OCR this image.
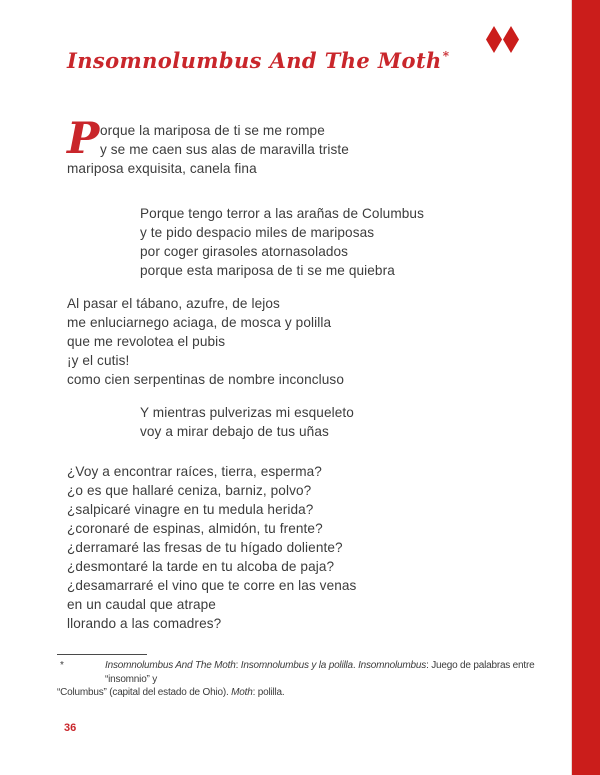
Insomnolumbus And The Moth*
P orque la mariposa de ti se me rompe
y se me caen sus alas de maravilla triste
mariposa exquisita, canela fina
Porque tengo terror a las arañas de Columbus
y te pido despacio miles de mariposas
por coger girasoles atornasolados
porque esta mariposa de ti se me quiebra
Al pasar el tábano, azufre, de lejos
me enluciarnego aciaga, de mosca y polilla
que me revolotea el pubis
¡y el cutis!
como cien serpentinas de nombre inconcluso
Y mientras pulverizas mi esqueleto
voy a mirar debajo de tus uñas
¿Voy a encontrar raíces, tierra, esperma?
¿o es que hallaré ceniza, barniz, polvo?
¿salpicaré vinagre en tu medula herida?
¿coronaré de espinas, almidón, tu frente?
¿derramaré las fresas de tu hígado doliente?
¿desmontaré la tarde en tu alcoba de paja?
¿desamarraré el vino que te corre en las venas
en un caudal que atrape
llorando a las comadres?
*	Insomnolumbus And The Moth: Insomnolumbus y la polilla. Insomnolumbus: Juego de palabras entre “insomnio” y
“Columbus” (capital del estado de Ohio). Moth: polilla.
36
